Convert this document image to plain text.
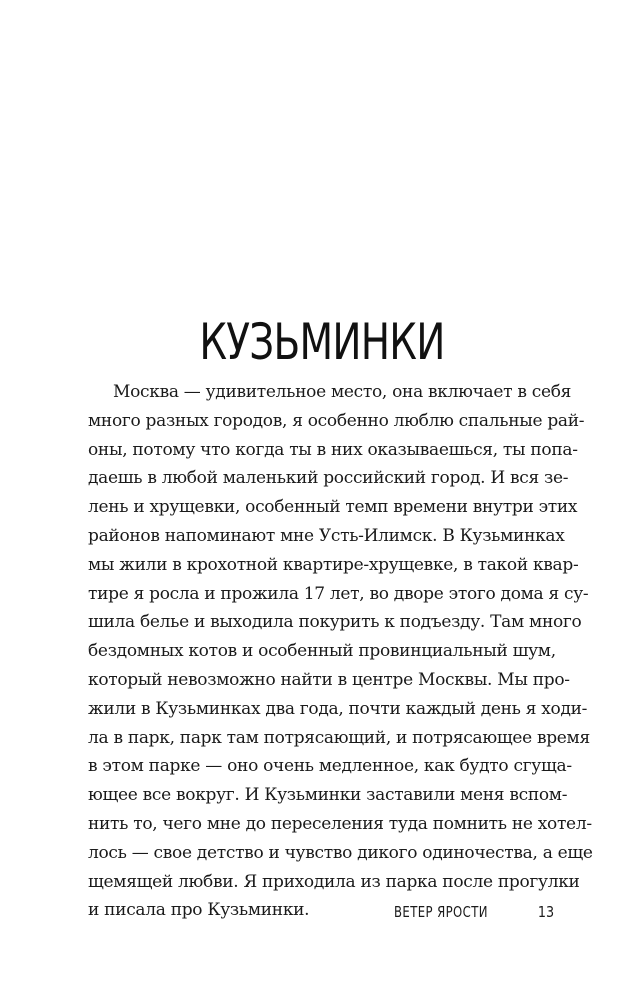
КУЗЬМИНКИ
Москва — удивительное место, она включает в себя
много разных городов, я особенно люблю спальные рай-
оны, потому что когда ты в них оказываешься, ты попа-
даешь в любой маленький российский город. И вся зе-
лень и хрущевки, особенный темп времени внутри этих
районов напоминают мне Усть-Илимск. В Кузьминках
мы жили в крохотной квартире-хрущевке, в такой квар-
тире я росла и прожила 17 лет, во дворе этого дома я су-
шила белье и выходила покурить к подъезду. Там много
бездомных котов и особенный провинциальный шум,
который невозможно найти в центре Москвы. Мы про-
жили в Кузьминках два года, почти каждый день я ходи-
ла в парк, парк там потрясающий, и потрясающее время
в этом парке — оно очень медленное, как будто сгуща-
ющее все вокруг. И Кузьминки заставили меня вспом-
нить то, чего мне до переселения туда помнить не хотел-
лось — свое детство и чувство дикого одиночества, а еще
щемящей любви. Я приходила из парка после прогулки
и писала про Кузьминки.	ВЕТЕР ЯРОСТИ	13
